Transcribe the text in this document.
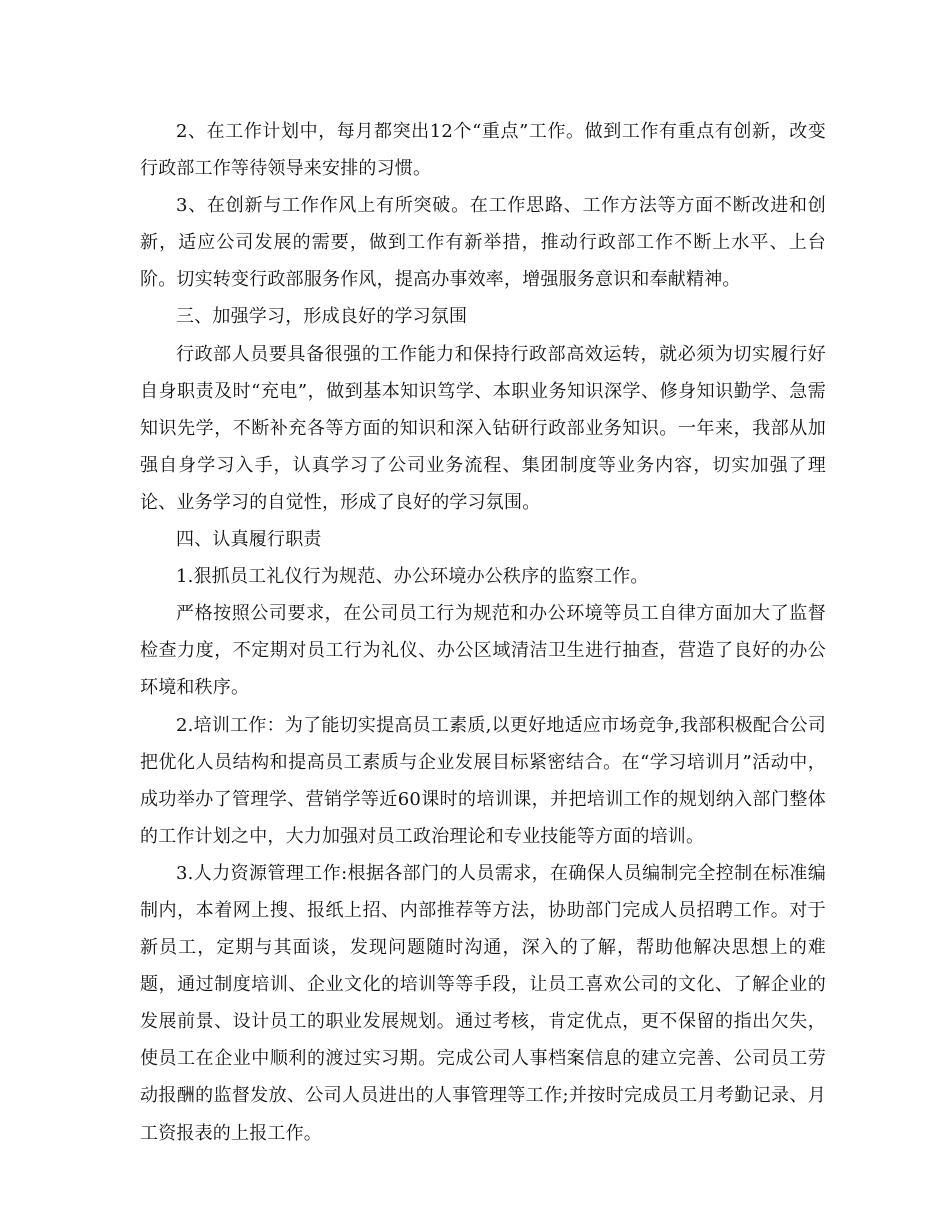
2、在工作计划中，每月都突出12个“重点”工作。做到工作有重点有创新，改变行政部工作等待领导来安排的习惯。

3、在创新与工作作风上有所突破。在工作思路、工作方法等方面不断改进和创新，适应公司发展的需要，做到工作有新举措，推动行政部工作不断上水平、上台阶。切实转变行政部服务作风，提高办事效率，增强服务意识和奉献精神。

三、加强学习，形成良好的学习氛围

行政部人员要具备很强的工作能力和保持行政部高效运转，就必须为切实履行好自身职责及时“充电”，做到基本知识笃学、本职业务知识深学、修身知识勤学、急需知识先学，不断补充各等方面的知识和深入钻研行政部业务知识。一年来，我部从加强自身学习入手，认真学习了公司业务流程、集团制度等业务内容，切实加强了理论、业务学习的自觉性，形成了良好的学习氛围。

四、认真履行职责

1.狠抓员工礼仪行为规范、办公环境办公秩序的监察工作。

严格按照公司要求，在公司员工行为规范和办公环境等员工自律方面加大了监督检查力度，不定期对员工行为礼仪、办公区域清洁卫生进行抽查，营造了良好的办公环境和秩序。

2.培训工作：为了能切实提高员工素质,以更好地适应市场竞争,我部积极配合公司把优化人员结构和提高员工素质与企业发展目标紧密结合。在“学习培训月”活动中，成功举办了管理学、营销学等近60课时的培训课，并把培训工作的规划纳入部门整体的工作计划之中，大力加强对员工政治理论和专业技能等方面的培训。

3.人力资源管理工作:根据各部门的人员需求，在确保人员编制完全控制在标准编制内，本着网上搜、报纸上招、内部推荐等方法，协助部门完成人员招聘工作。对于新员工，定期与其面谈，发现问题随时沟通，深入的了解，帮助他解决思想上的难题，通过制度培训、企业文化的培训等等手段，让员工喜欢公司的文化、了解企业的发展前景、设计员工的职业发展规划。通过考核，肯定优点，更不保留的指出欠失，使员工在企业中顺利的渡过实习期。完成公司人事档案信息的建立完善、公司员工劳动报酬的监督发放、公司人员进出的人事管理等工作;并按时完成员工月考勤记录、月工资报表的上报工作。
